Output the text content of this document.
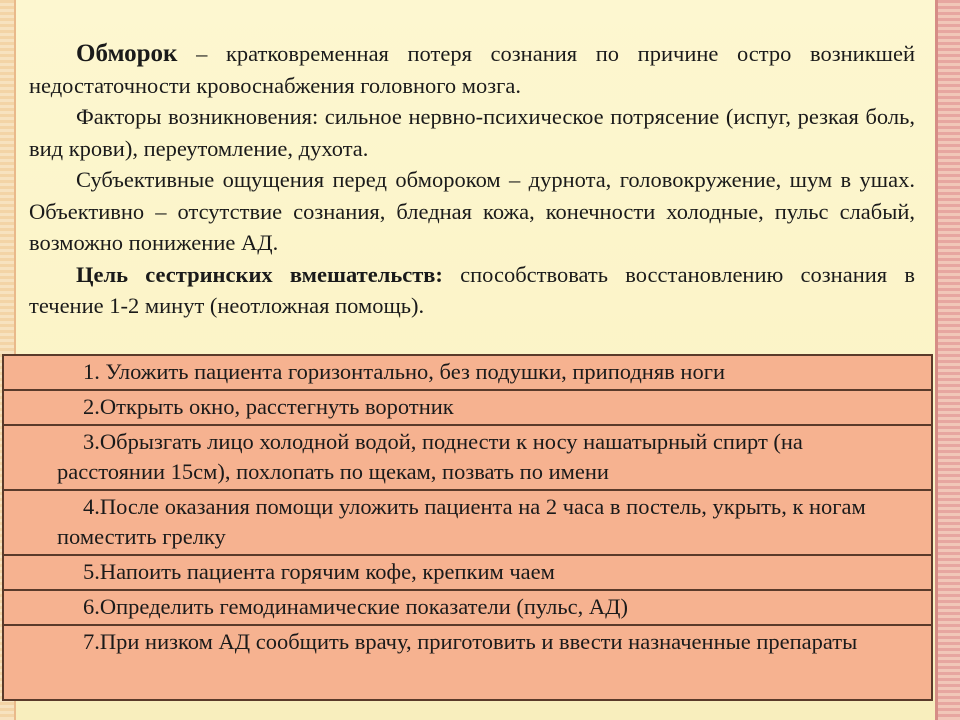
Обморок – кратковременная потеря сознания по причине остро возникшей недостаточности кровоснабжения головного мозга.

Факторы возникновения: сильное нервно-психическое потрясение (испуг, резкая боль, вид крови), переутомление, духота.

Субъективные ощущения перед обмороком – дурнота, головокружение, шум в ушах. Объективно – отсутствие сознания, бледная кожа, конечности холодные, пульс слабый, возможно понижение АД.

Цель сестринских вмешательств: способствовать восстановлению сознания в течение 1-2 минут (неотложная помощь).

1. Уложить пациента горизонтально, без подушки, приподняв ноги
2.Открыть окно, расстегнуть воротник
3.Обрызгать лицо холодной водой, поднести к носу нашатырный спирт (на расстоянии 15см), похлопать по щекам, позвать по имени
4.После оказания помощи уложить пациента на 2 часа в постель, укрыть, к ногам поместить грелку
5.Напоить пациента горячим кофе, крепким чаем
6.Определить гемодинамические показатели (пульс, АД)
7.При низком АД сообщить врачу, приготовить и ввести назначенные препараты
